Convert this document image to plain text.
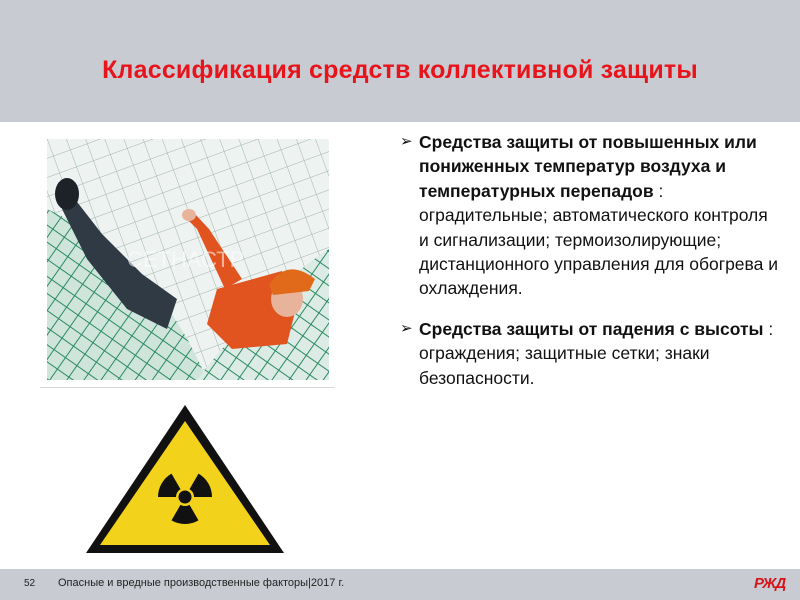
Классификация средств коллективной защиты
СЕТНАСТР
➢ Средства защиты от повышенных или пониженных температур воздуха и температурных перепадов : оградительные; автоматического контроля и сигнализации; термоизолирующие; дистанционного управления для обогрева и охлаждения.
➢ Средства защиты от падения с высоты : ограждения; защитные сетки; знаки безопасности.
52 Опасные и вредные производственные факторы|2017 г.	РЖД
